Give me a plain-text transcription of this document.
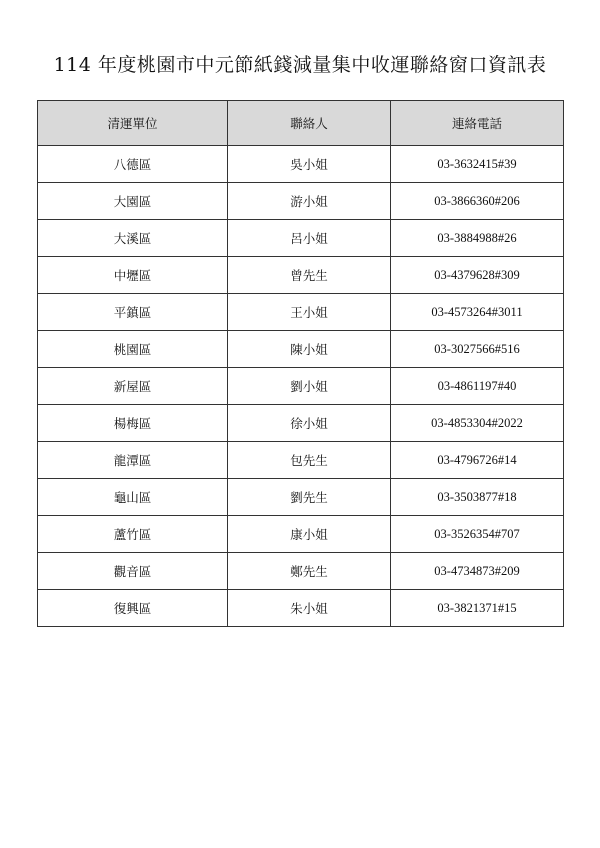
114 年度桃園市中元節紙錢減量集中收運聯絡窗口資訊表
清運單位	聯絡人	連絡電話
八德區	吳小姐	03-3632415#39
大園區	游小姐	03-3866360#206
大溪區	呂小姐	03-3884988#26
中壢區	曾先生	03-4379628#309
平鎮區	王小姐	03-4573264#3011
桃園區	陳小姐	03-3027566#516
新屋區	劉小姐	03-4861197#40
楊梅區	徐小姐	03-4853304#2022
龍潭區	包先生	03-4796726#14
龜山區	劉先生	03-3503877#18
蘆竹區	康小姐	03-3526354#707
觀音區	鄭先生	03-4734873#209
復興區	朱小姐	03-3821371#15
